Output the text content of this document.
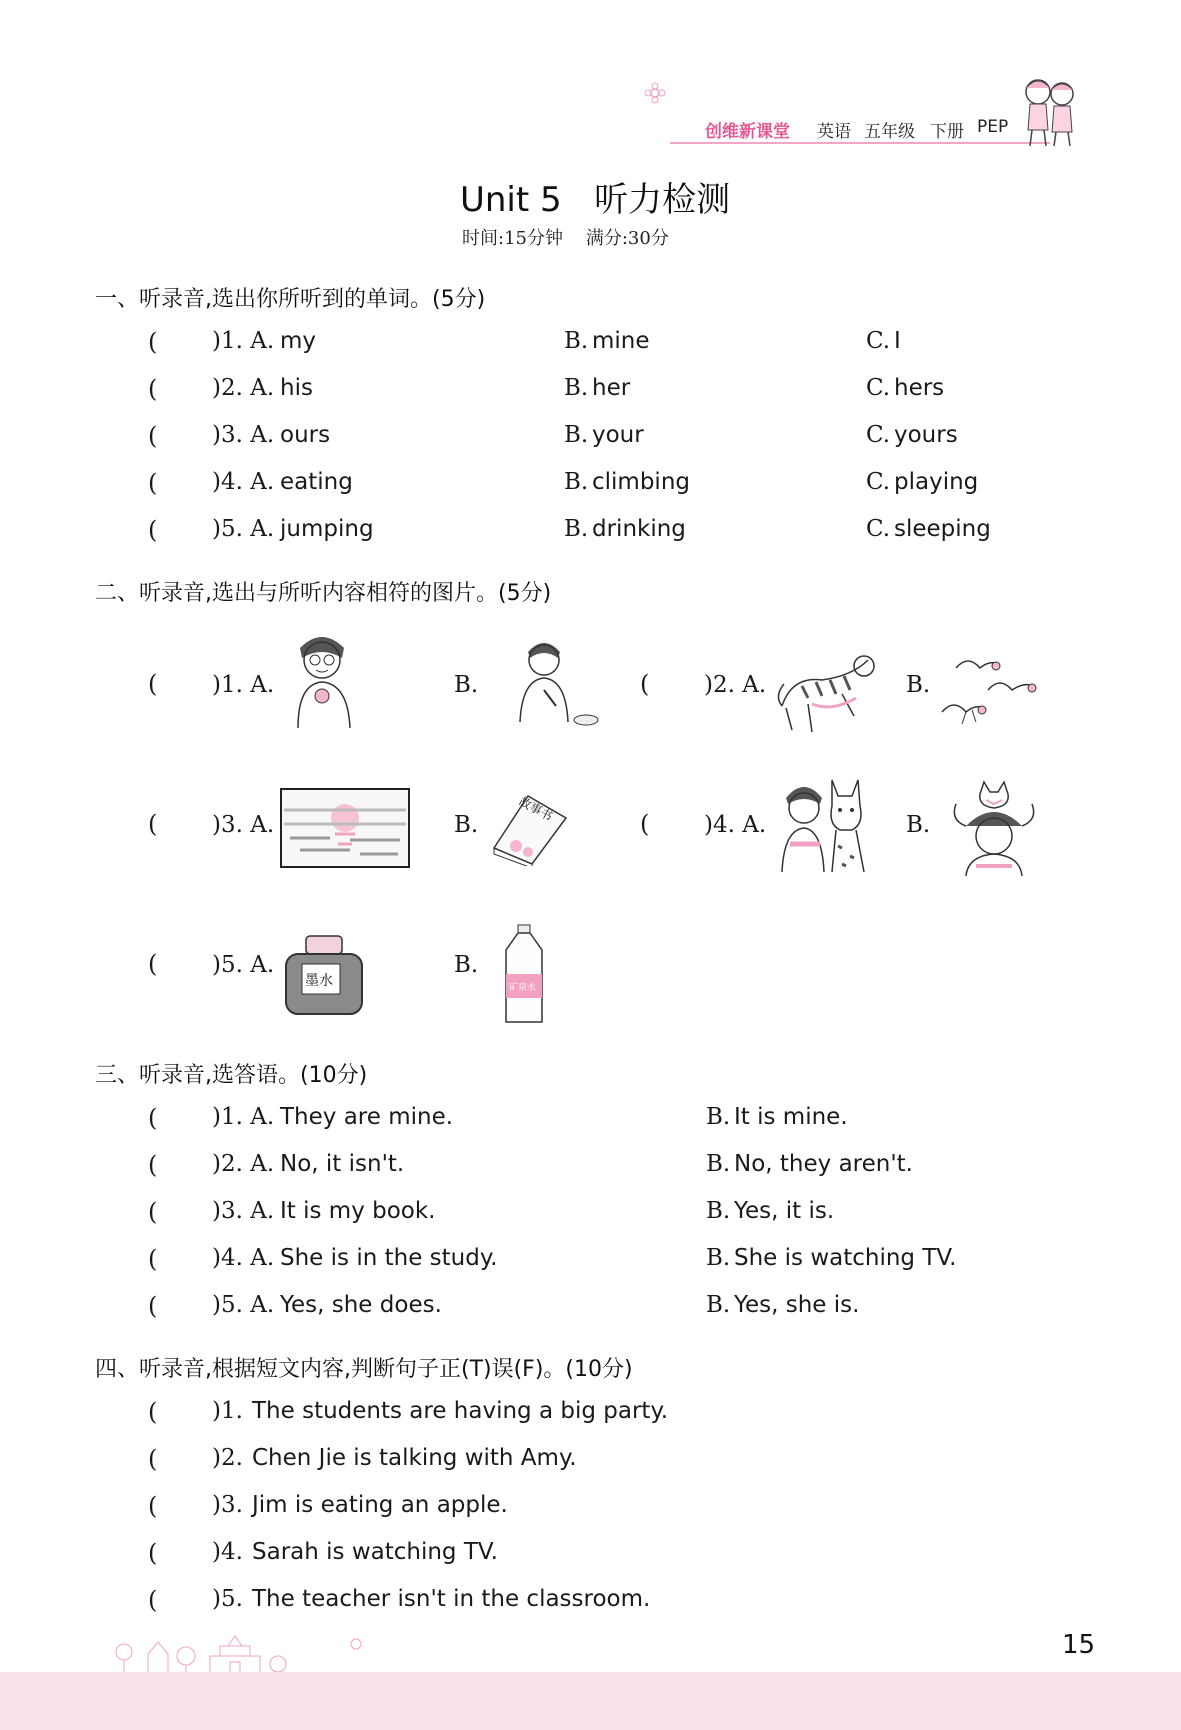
创维新课堂 英语 五年级 下册 PEP
Unit 5 听力检测
时间:15分钟    满分:30分
一、听录音,选出你所听到的单词。(5分)
( )1. A. my	B. mine	C. I
( )2. A. his	B. her	C. hers
( )3. A. ours	B. your	C. yours
( )4. A. eating	B. climbing	C. playing
( )5. A. jumping	B. drinking	C. sleeping
二、听录音,选出与所听内容相符的图片。(5分)
( )1. A.	B.	( )2. A.	B.
( )3. A.	B.
故事书
( )4. A.	B.
( )5. A.	B.
墨水	矿泉水
三、听录音,选答语。(10分)
( )1. A. They are mine.	B. It is mine.
( )2. A. No, it isn't.	B. No, they aren't.
( )3. A. It is my book.	B. Yes, it is.
( )4. A. She is in the study.	B. She is watching TV.
( )5. A. Yes, she does.	B. Yes, she is.
四、听录音,根据短文内容,判断句子正(T)误(F)。(10分)
( )1. The students are having a big party.
( )2. Chen Jie is talking with Amy.
( )3. Jim is eating an apple.
( )4. Sarah is watching TV.
( )5. The teacher isn't in the classroom.
15
